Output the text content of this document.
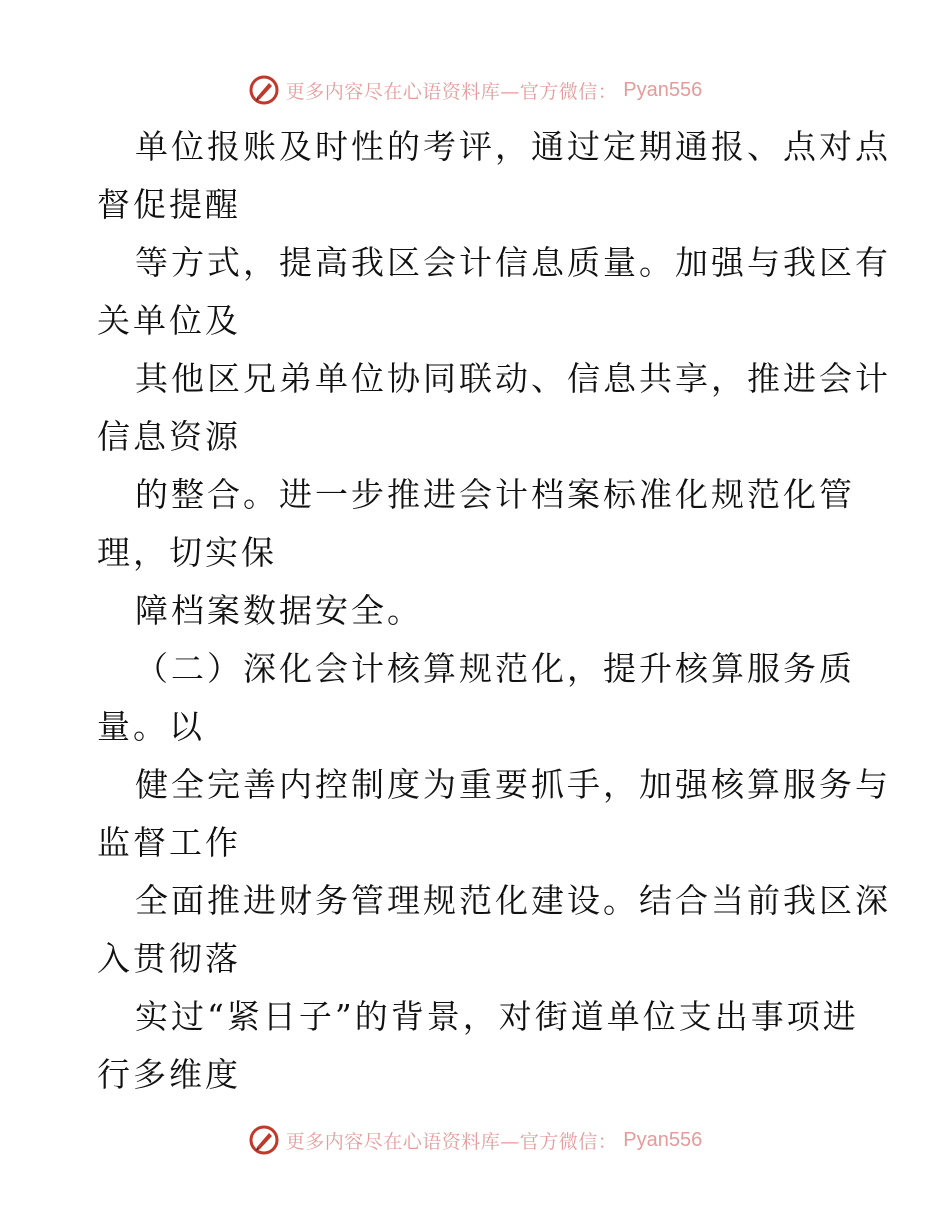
更多内容尽在心语资料库—官方微信： Pyan556
单位报账及时性的考评，通过定期通报、点对点
督促提醒
等方式，提高我区会计信息质量。加强与我区有
关单位及
其他区兄弟单位协同联动、信息共享，推进会计
信息资源
的整合。进一步推进会计档案标准化规范化管
理，切实保
障档案数据安全。
（二）深化会计核算规范化，提升核算服务质
量。以
健全完善内控制度为重要抓手，加强核算服务与
监督工作
全面推进财务管理规范化建设。结合当前我区深
入贯彻落
实过“紧日子”的背景，对街道单位支出事项进
行多维度
更多内容尽在心语资料库—官方微信： Pyan556
